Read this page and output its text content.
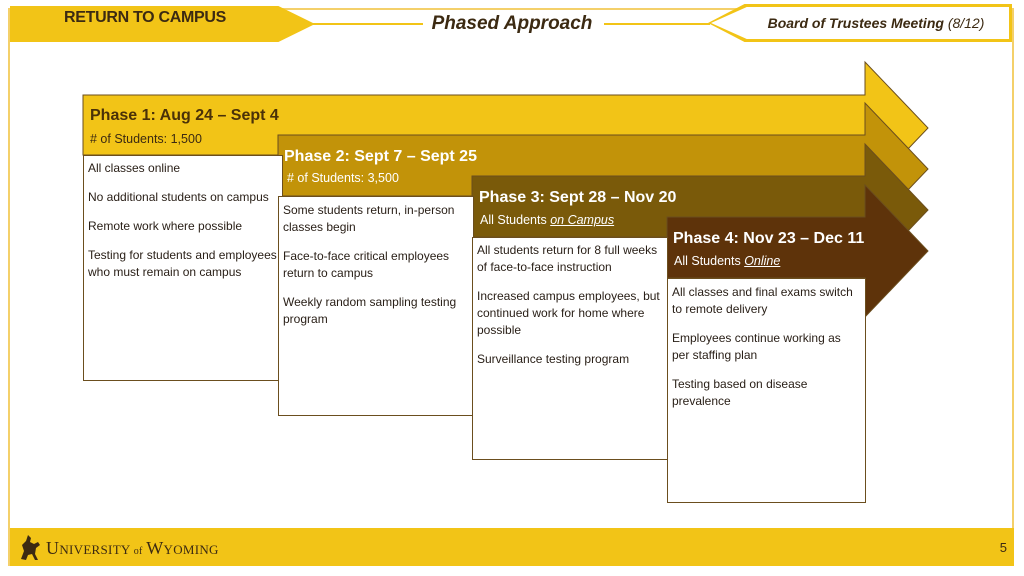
RETURN TO CAMPUS	Phased Approach	Board of Trustees Meeting (8/12)
All classes online
No additional students on campus
Remote work where possible
Testing for students and employees who must remain on campus
Phase 1: Aug 24 – Sept 4
# of Students: 1,500
Some students return, in-person classes begin
Face-to-face critical employees return to campus
Weekly random sampling testing program
Phase 2: Sept 7 – Sept 25
# of Students: 3,500
All students return for 8 full weeks of face-to-face instruction
Increased campus employees, but continued work for home where possible
Surveillance testing program
Phase 3: Sept 28 – Nov 20
All Students on Campus
All classes and final exams switch to remote delivery
Employees continue working as per staffing plan
Testing based on disease prevalence
Phase 4: Nov 23 – Dec 11
All Students Online
UNIVERSITY of WYOMING	5
